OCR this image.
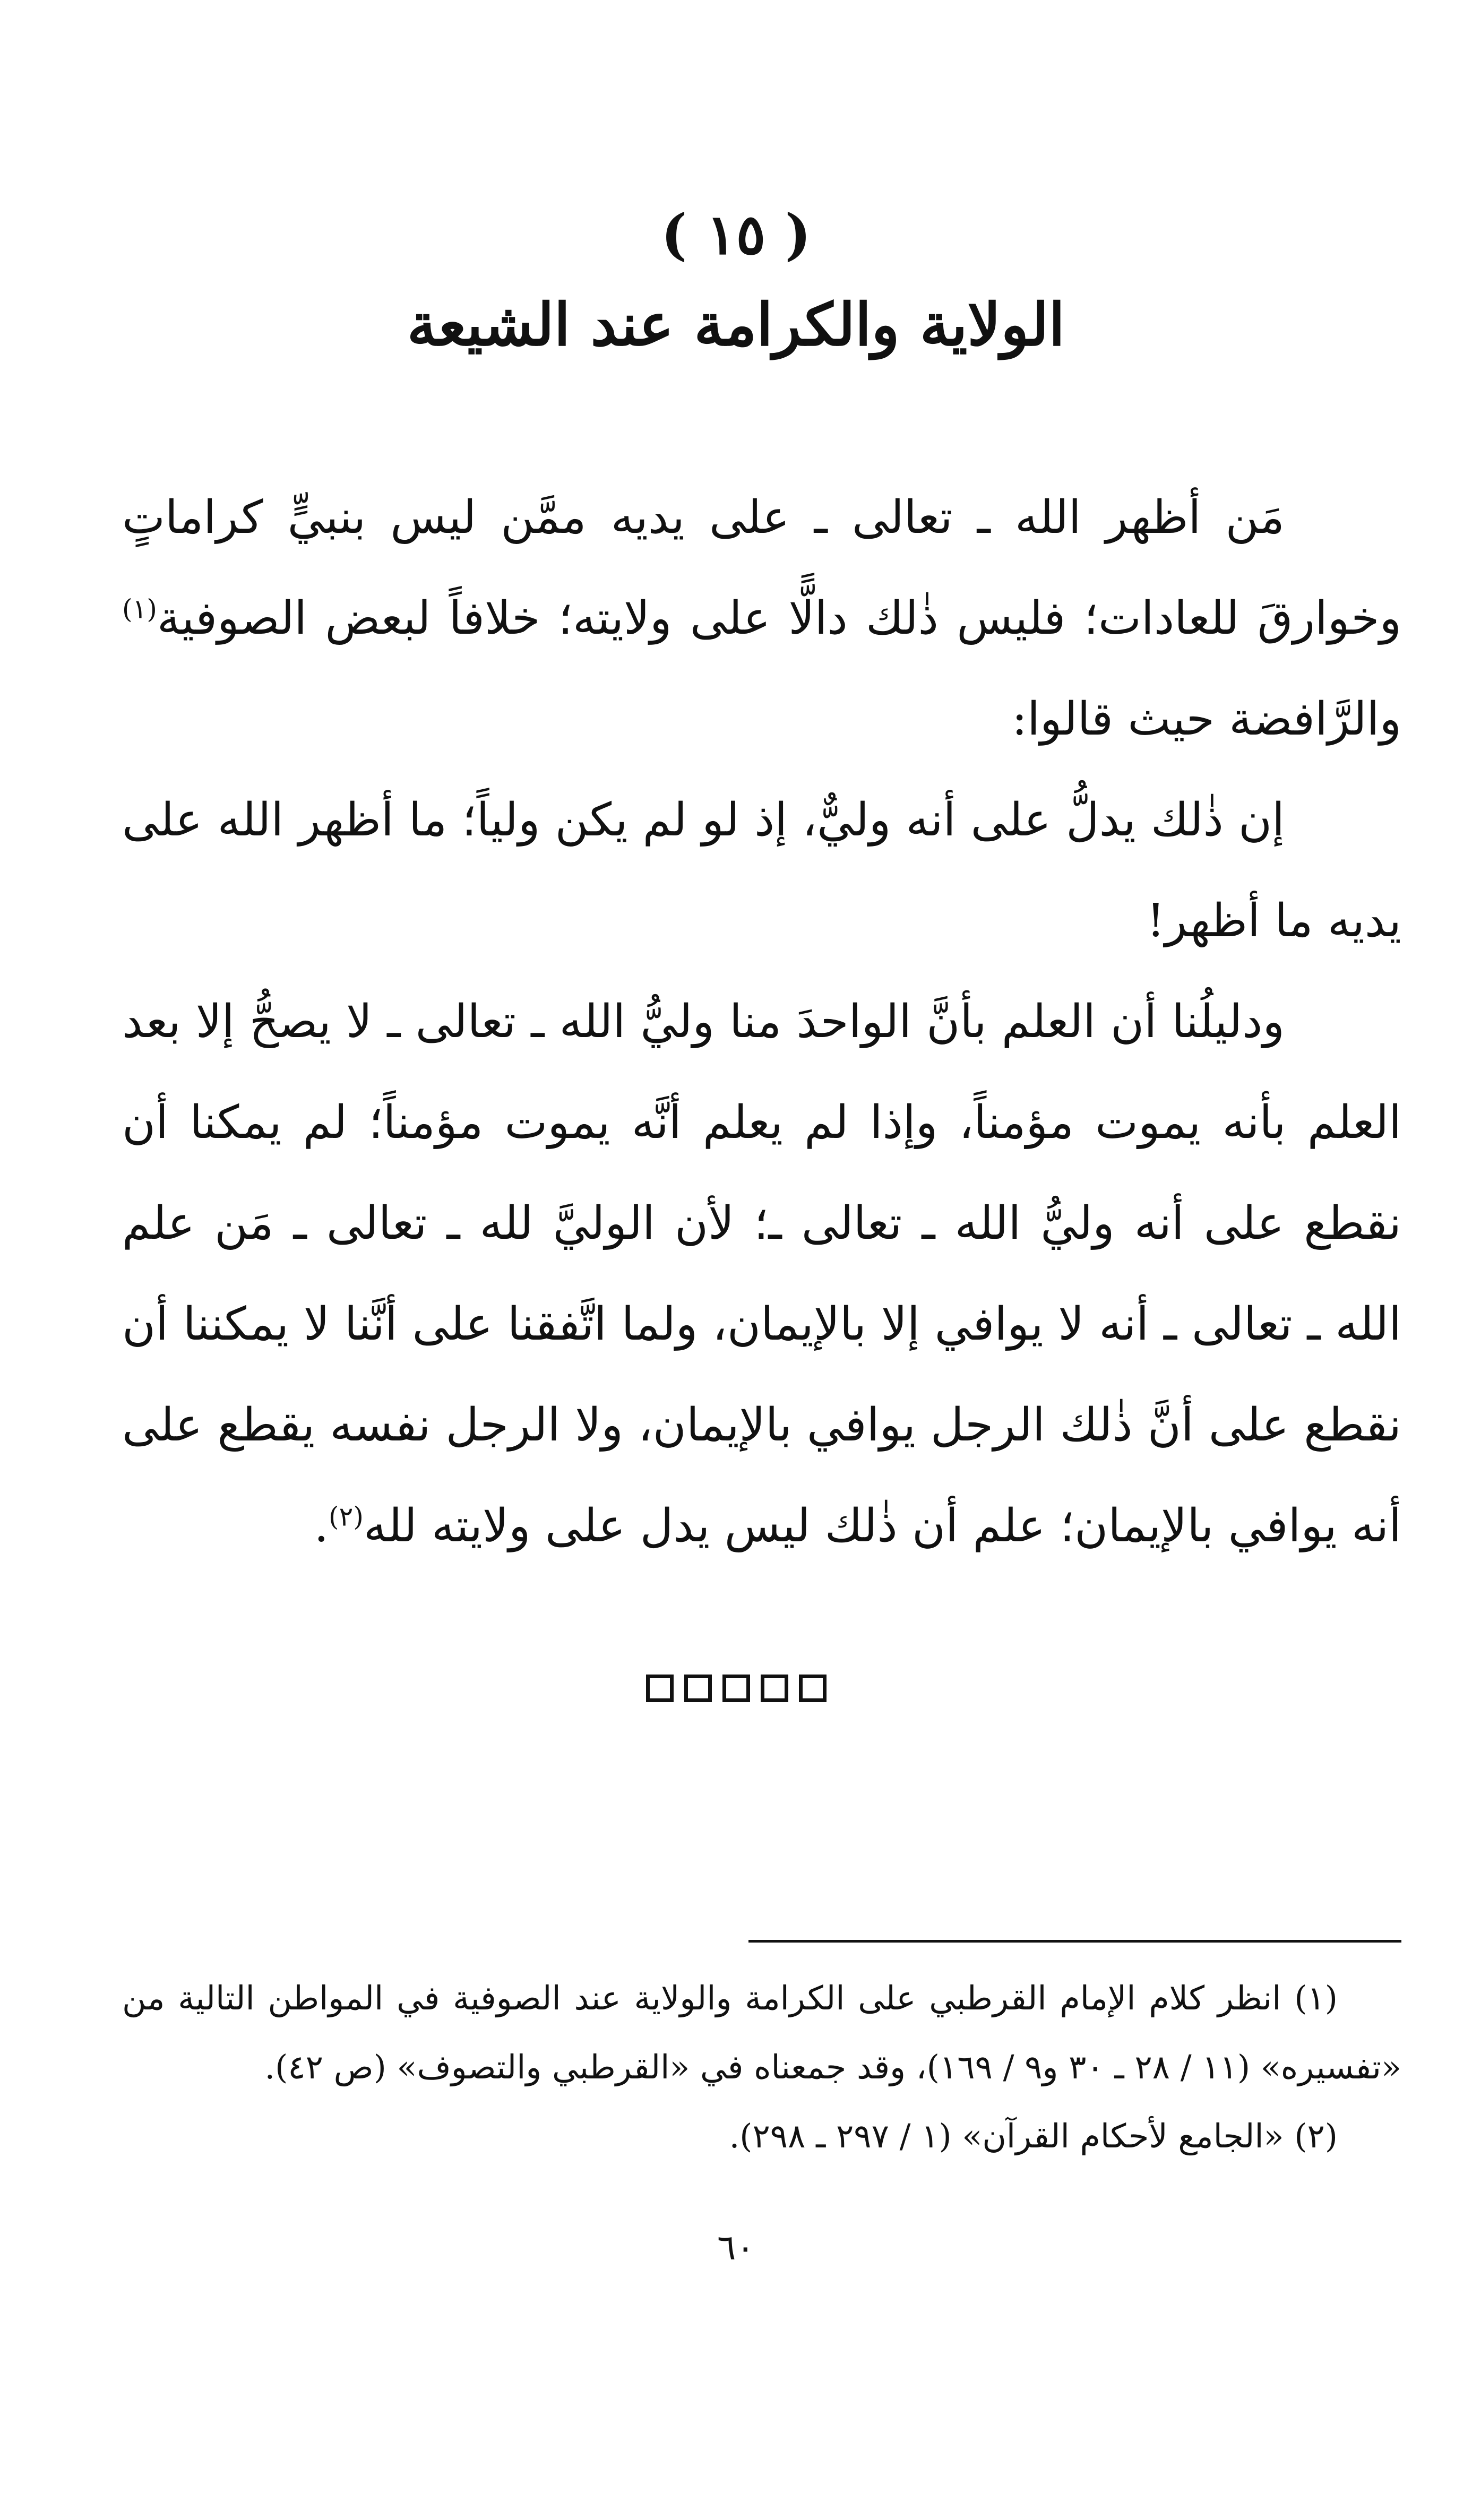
( ١٥ )
الولاية والكرامة عند الشيعة

مَن أظهر الله ـ تعالى ـ على يديه ممَّن ليس بنبيٍّ كراماتٍ وخوارقَ للعادات؛ فليس ذٰلك دالًّا على ولايته؛ خلافاً لبعض الصوفية$^{(١)}$ والرَّافضة حيث قالوا:

إن ذٰلك يدلُّ على أنه وليٌّ، إذ لو لم يكن ولياً؛ ما أظهر الله على يديه ما أظهر!

ودليلُنا أن العلم بأنَّ الواحدَ منا وليُّ الله ـ تعالى ـ لا يصحُّ إلا بعد العلم بأنه يموت مؤمناً، وإذا لم يعلم أنَّه يموت مؤمناً؛ لم يمكنا أن نقطع على أنه وليُّ الله ـ تعالى ـ؛ لأن الوليَّ لله ـ تعالى ـ مَن علم الله ـ تعالى ـ أنه لا يوافي إلا بالإيمان، ولما اتَّفقنا على أنَّنا لا يمكننا أن نقطع على أنَّ ذٰلك الرجل يوافي بالإيمان، ولا الرجل نفسه يقطع على أنه يوافي بالإيمان؛ علم أن ذٰلك ليس يدل على ولايته لله$^{(٢)}$.

(١) انظر كلام الإمام القرطبي على الكرامة والولاية عند الصوفية في المواطن التالية من «تفسيره» (١١ / ٢٨ ـ ٣٠ و٩ / ١٦٩)، وقد جمعناه في «القرطبي والتصوف» (ص ٤٢).

(٢) «الجامع لأحكام القرآن» (١ / ٢٩٧ ـ ٢٩٨).

٦٠
